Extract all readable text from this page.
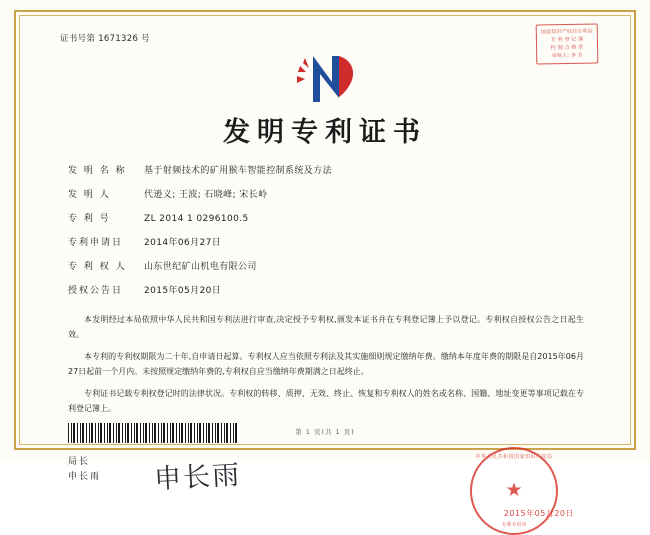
证书号第 1671326 号
国家知识产权局专利局
专 利 登 记 簿
控 制 合 格 章
审核人: 李 芳
发明专利证书
发 明 名 称 基于射频技术的矿用猴车智能控制系统及方法
发 明 人	代逊义; 王波; 石晓峰; 宋长岭
专 利 号	ZL 2014 1 0296100.5
专利申请日 2014年06月27日
专 利 权 人 山东世纪矿山机电有限公司
授权公告日 2015年05月20日

本发明经过本局依照中华人民共和国专利法进行审查,决定授予专利权,颁发本证书并在专利登记簿上予以登记。专利权自授权公告之日起生效。

本专利的专利权期限为二十年,自申请日起算。专利权人应当依照专利法及其实施细则规定缴纳年费。缴纳本年度年费的期限是自2015年06月27日起前一个月内。未按照规定缴纳年费的,专利权自应当缴纳年费期满之日起终止。

专利证书记载专利权登记时的法律状况。专利权的转移、质押、无效、终止、恢复和专利权人的姓名或名称、国籍、地址变更等事项记载在专利登记簿上。

局长
申长雨	申长雨
中华人民共和国国家知识产权局
★
专利专用章
2015年05月20日
第 1 页(共 1 页)
